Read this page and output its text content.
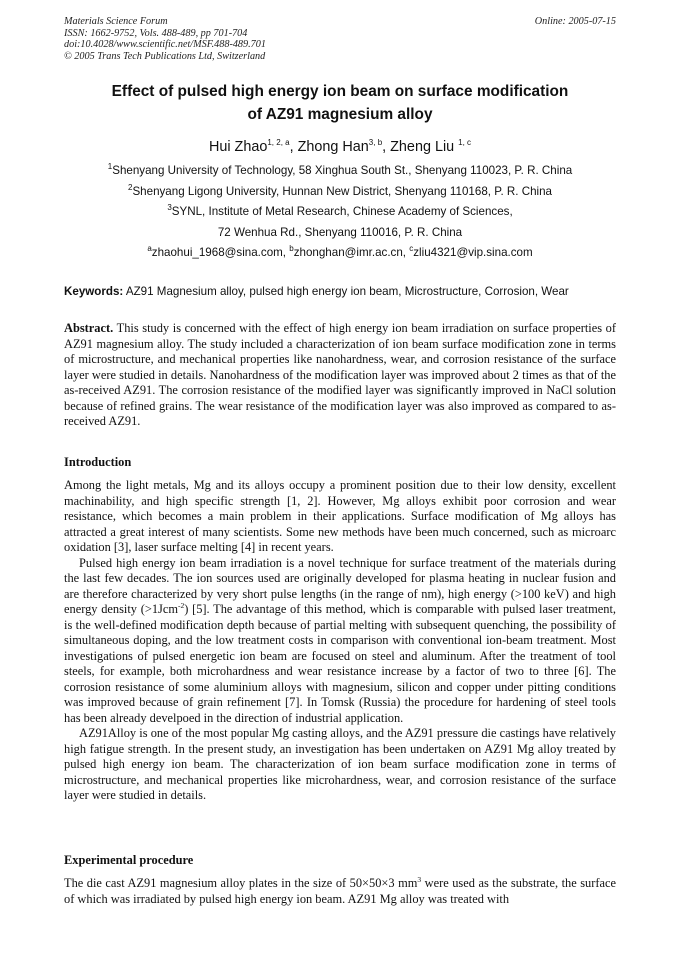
Materials Science Forum
ISSN: 1662-9752, Vols. 488-489, pp 701-704
doi:10.4028/www.scientific.net/MSF.488-489.701
© 2005 Trans Tech Publications Ltd, Switzerland
Online: 2005-07-15
Effect of pulsed high energy ion beam on surface modification
of AZ91 magnesium alloy
Hui Zhao$^{1, 2, a}$, Zhong Han$^{3, b}$, Zheng Liu $^{1, c}$
$^1$Shenyang University of Technology, 58 Xinghua South St., Shenyang 110023, P. R. China
$^2$Shenyang Ligong University, Hunnan New District, Shenyang 110168, P. R. China
$^3$SYNL, Institute of Metal Research, Chinese Academy of Sciences,
72 Wenhua Rd., Shenyang 110016, P. R. China
$^a$zhaohui_1968@sina.com, $^b$zhonghan@imr.ac.cn, $^c$zliu4321@vip.sina.com
Keywords: AZ91 Magnesium alloy, pulsed high energy ion beam, Microstructure, Corrosion, Wear

Abstract. This study is concerned with the effect of high energy ion beam irradiation on surface properties of AZ91 magnesium alloy. The study included a characterization of ion beam surface modification zone in terms of microstructure, and mechanical properties like nanohardness, wear, and corrosion resistance of the surface layer were studied in details. Nanohardness of the modification layer was improved about 2 times as that of the as-received AZ91. The corrosion resistance of the modified layer was significantly improved in NaCl solution because of refined grains. The wear resistance of the modification layer was also improved as compared to as-received AZ91.

Introduction

Among the light metals, Mg and its alloys occupy a prominent position due to their low density, excellent machinability, and high specific strength [1, 2]. However, Mg alloys exhibit poor corrosion and wear resistance, which becomes a main problem in their applications. Surface modification of Mg alloys has attracted a great interest of many scientists. Some new methods have been much concerned, such as microarc oxidation [3], laser surface melting [4] in recent years.

Pulsed high energy ion beam irradiation is a novel technique for surface treatment of the materials during the last few decades. The ion sources used are originally developed for plasma heating in nuclear fusion and are therefore characterized by very short pulse lengths (in the range of nm), high energy (>100 keV) and high energy density (>1Jcm$^{-2}$) [5]. The advantage of this method, which is comparable with pulsed laser treatment, is the well-defined modification depth because of partial melting with subsequent quenching, the possibility of simultaneous doping, and the low treatment costs in comparison with conventional ion-beam treatment. Most investigations of pulsed energetic ion beam are focused on steel and aluminum. After the treatment of tool steels, for example, both microhardness and wear resistance increase by a factor of two to three [6]. The corrosion resistance of some aluminium alloys with magnesium, silicon and copper under pitting conditions was improved because of grain refinement [7]. In Tomsk (Russia) the procedure for hardening of steel tools has been already develpoed in the direction of industrial application.

AZ91Alloy is one of the most popular Mg casting alloys, and the AZ91 pressure die castings have relatively high fatigue strength. In the present study, an investigation has been undertaken on AZ91 Mg alloy treated by pulsed high energy ion beam. The characterization of ion beam surface modification zone in terms of microstructure, and mechanical properties like microhardness, wear, and corrosion resistance of the surface layer were studied in details.

Experimental procedure

The die cast AZ91 magnesium alloy plates in the size of 50×50×3 $mm^3$ were used as the substrate, the surface of which was irradiated by pulsed high energy ion beam. AZ91 Mg alloy was treated with
